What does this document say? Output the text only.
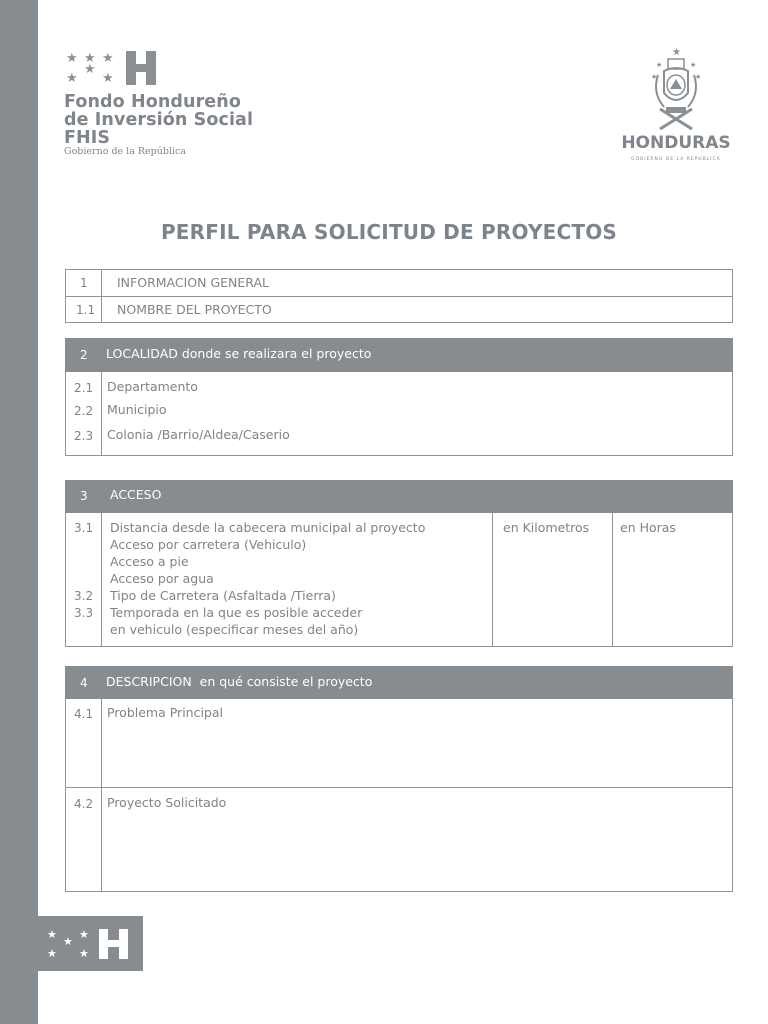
★ ★ ★
★
★
★
Fondo Hondureño
de Inversión Social
FHIS
Gobierno de la República
★
★	★
★	★
HONDURAS
GOBIERNO DE LA REPÚBLICA
PERFIL PARA SOLICITUD DE PROYECTOS
1 INFORMACION GENERAL
1.1 NOMBRE DEL PROYECTO
2 LOCALIDAD donde se realizara el proyecto
2.1 Departamento
2.2 Municipio
2.3 Colonia /Barrio/Aldea/Caserio
3 ACCESO
en Kilometros en Horas
3.1 Distancia desde la cabecera municipal al proyecto
Acceso por carretera (Vehiculo)
Acceso a pie
Acceso por agua
3.2 Tipo de Carretera (Asfaltada /Tierra)
3.3 Temporada en la que es posible acceder
en vehiculo (especificar meses del año)
4 DESCRIPCION  en qué consiste el proyecto
4.1 Problema Principal
4.2 Proyecto Solicitado
★
★
★
★ ★
